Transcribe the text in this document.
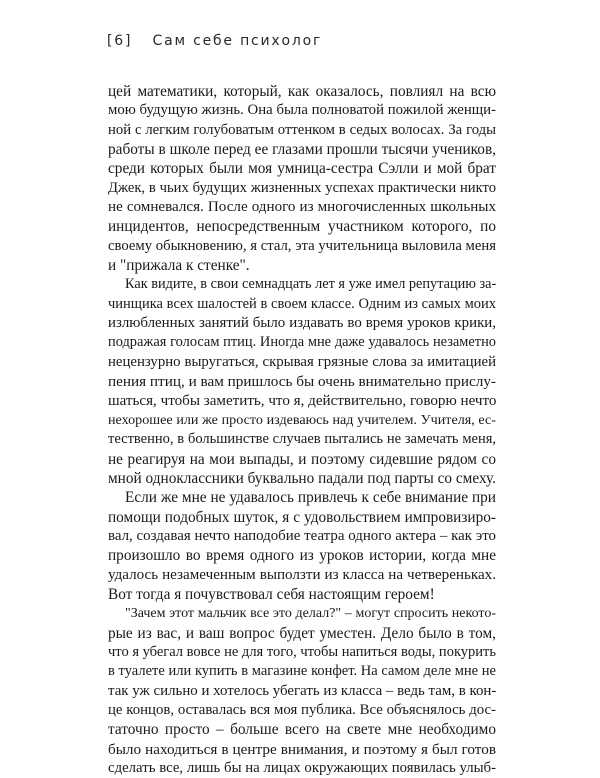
[6] Сам себе психолог
цей математики, который, как оказалось, повлиял на всю
мою будущую жизнь. Она была полноватой пожилой женщи-
ной с легким голубоватым оттенком в седых волосах. За годы
работы в школе перед ее глазами прошли тысячи учеников,
среди которых были моя умница-сестра Сэлли и мой брат
Джек, в чьих будущих жизненных успехах практически никто
не сомневался. После одного из многочисленных школьных
инцидентов, непосредственным участником которого, по
своему обыкновению, я стал, эта учительница выловила меня
и "прижала к стенке".
Как видите, в свои семнадцать лет я уже имел репутацию за-
чинщика всех шалостей в своем классе. Одним из самых моих
излюбленных занятий было издавать во время уроков крики,
подражая голосам птиц. Иногда мне даже удавалось незаметно
нецензурно выругаться, скрывая грязные слова за имитацией
пения птиц, и вам пришлось бы очень внимательно прислу-
шаться, чтобы заметить, что я, действительно, говорю нечто
нехорошее или же просто издеваюсь над учителем. Учителя, ес-
тественно, в большинстве случаев пытались не замечать меня,
не реагируя на мои выпады, и поэтому сидевшие рядом со
мной одноклассники буквально падали под парты со смеху.
Если же мне не удавалось привлечь к себе внимание при
помощи подобных шуток, я с удовольствием импровизиро-
вал, создавая нечто наподобие театра одного актера – как это
произошло во время одного из уроков истории, когда мне
удалось незамеченным выползти из класса на четвереньках.
Вот тогда я почувствовал себя настоящим героем!
"Зачем этот мальчик все это делал?" – могут спросить некото-
рые из вас, и ваш вопрос будет уместен. Дело было в том,
что я убегал вовсе не для того, чтобы напиться воды, покурить
в туалете или купить в магазине конфет. На самом деле мне не
так уж сильно и хотелось убегать из класса – ведь там, в кон-
це концов, оставалась вся моя публика. Все объяснялось дос-
таточно просто – больше всего на свете мне необходимо
было находиться в центре внимания, и поэтому я был готов
сделать все, лишь бы на лицах окружающих появилась улыб-
